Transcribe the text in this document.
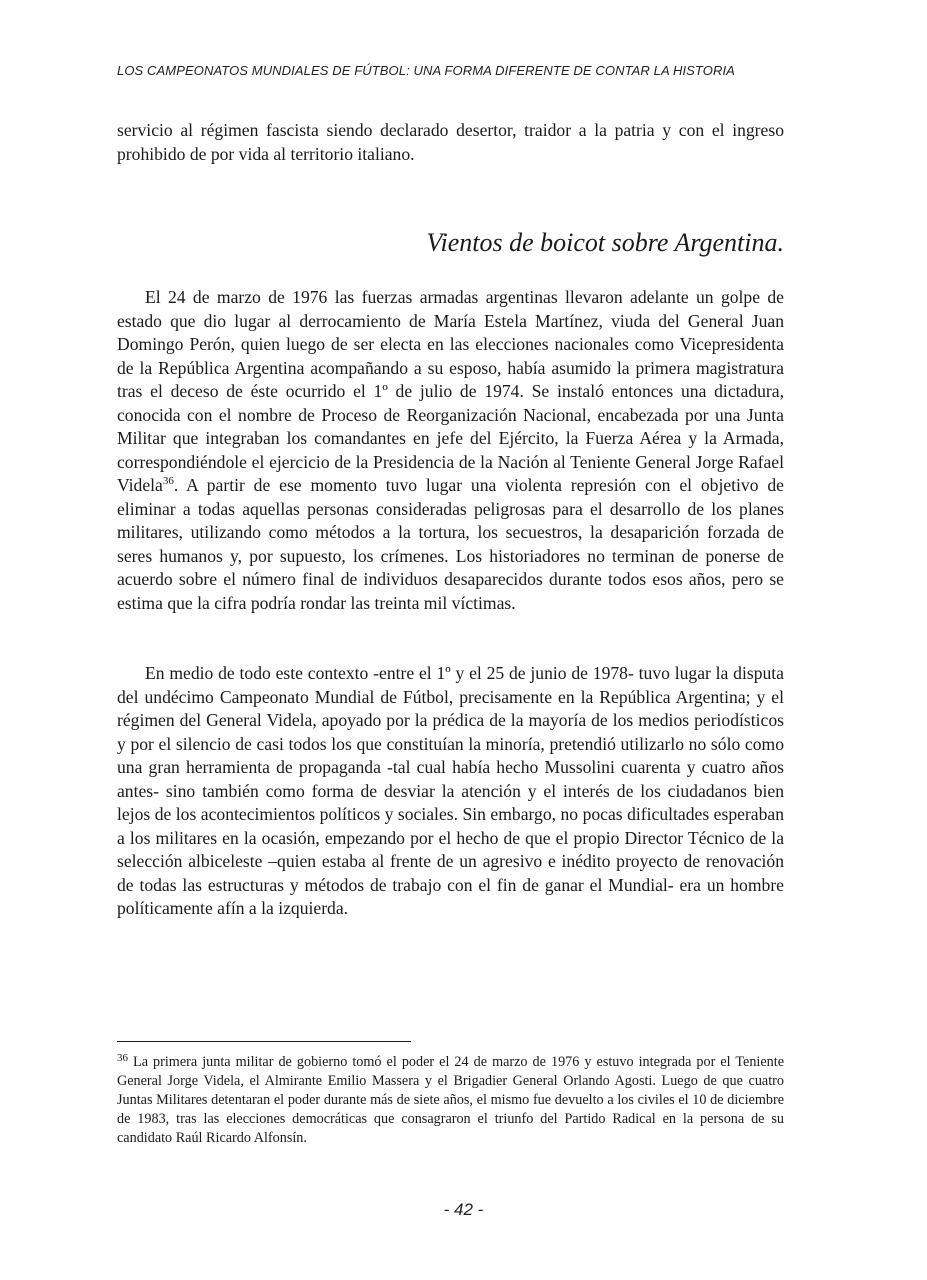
LOS CAMPEONATOS MUNDIALES DE FÚTBOL: UNA FORMA DIFERENTE DE CONTAR LA HISTORIA

servicio al régimen fascista siendo declarado desertor, traidor a la patria y con el ingreso prohibido de por vida al territorio italiano.

Vientos de boicot sobre Argentina.

El 24 de marzo de 1976 las fuerzas armadas argentinas llevaron adelante un golpe de estado que dio lugar al derrocamiento de María Estela Martínez, viuda del General Juan Domingo Perón, quien luego de ser electa en las elecciones nacionales como Vicepresidenta de la República Argentina acompañando a su esposo, había asumido la primera magistratura tras el deceso de éste ocurrido el 1º de julio de 1974. Se instaló entonces una dictadura, conocida con el nombre de Proceso de Reorganización Nacional, encabezada por una Junta Militar que integraban los comandantes en jefe del Ejército, la Fuerza Aérea y la Armada, correspondiéndole el ejercicio de la Presidencia de la Nación al Teniente General Jorge Rafael Videla$^{36}$. A partir de ese momento tuvo lugar una violenta represión con el objetivo de eliminar a todas aquellas personas consideradas peligrosas para el desarrollo de los planes militares, utilizando como métodos a la tortura, los secuestros, la desaparición forzada de seres humanos y, por supuesto, los crímenes. Los historiadores no terminan de ponerse de acuerdo sobre el número final de individuos desaparecidos durante todos esos años, pero se estima que la cifra podría rondar las treinta mil víctimas.

En medio de todo este contexto -entre el 1º y el 25 de junio de 1978- tuvo lugar la disputa del undécimo Campeonato Mundial de Fútbol, precisamente en la República Argentina; y el régimen del General Videla, apoyado por la prédica de la mayoría de los medios periodísticos y por el silencio de casi todos los que constituían la minoría, pretendió utilizarlo no sólo como una gran herramienta de propaganda -tal cual había hecho Mussolini cuarenta y cuatro años antes- sino también como forma de desviar la atención y el interés de los ciudadanos bien lejos de los acontecimientos políticos y sociales. Sin embargo, no pocas dificultades esperaban a los militares en la ocasión, empezando por el hecho de que el propio Director Técnico de la selección albiceleste –quien estaba al frente de un agresivo e inédito proyecto de renovación de todas las estructuras y métodos de trabajo con el fin de ganar el Mundial- era un hombre políticamente afín a la izquierda.

$^{36}$ La primera junta militar de gobierno tomó el poder el 24 de marzo de 1976 y estuvo integrada por el Teniente General Jorge Videla, el Almirante Emilio Massera y el Brigadier General Orlando Agosti. Luego de que cuatro Juntas Militares detentaran el poder durante más de siete años, el mismo fue devuelto a los civiles el 10 de diciembre de 1983, tras las elecciones democráticas que consagraron el triunfo del Partido Radical en la persona de su candidato Raúl Ricardo Alfonsín.

- 42 -
